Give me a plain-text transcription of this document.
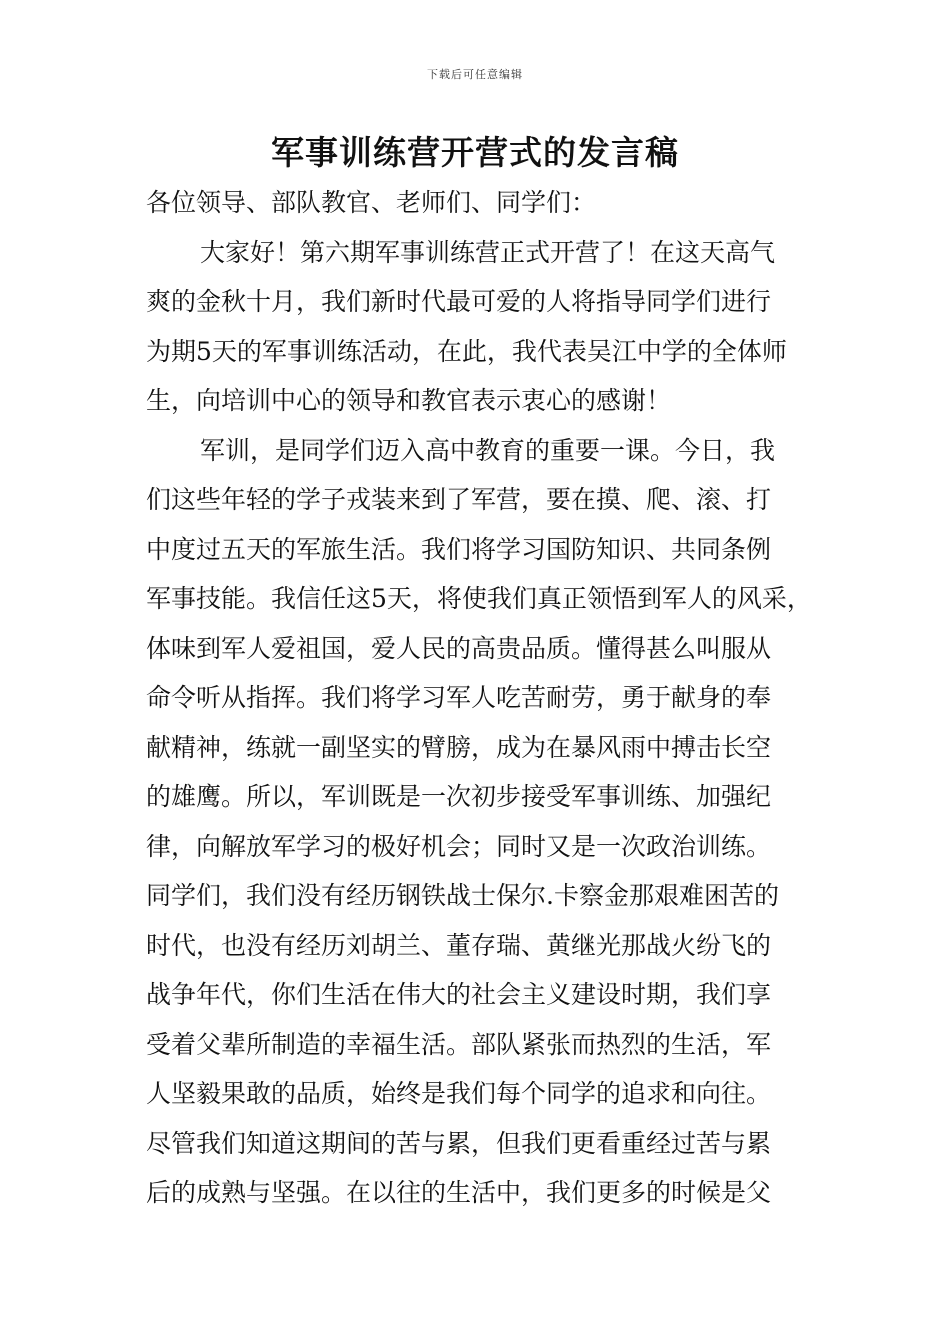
下载后可任意编辑
军事训练营开营式的发言稿

各位领导、部队教官、老师们、同学们：

大家好！第六期军事训练营正式开营了！在这天高气

爽的金秋十月，我们新时代最可爱的人将指导同学们进行

为期5天的军事训练活动，在此，我代表吴江中学的全体师

生，向培训中心的领导和教官表示衷心的感谢！

军训，是同学们迈入高中教育的重要一课。今日，我

们这些年轻的学子戎装来到了军营，要在摸、爬、滚、打

中度过五天的军旅生活。我们将学习国防知识、共同条例

军事技能。我信任这5天，将使我们真正领悟到军人的风采，

体味到军人爱祖国，爱人民的高贵品质。懂得甚么叫服从

命令听从指挥。我们将学习军人吃苦耐劳，勇于献身的奉

献精神，练就一副坚实的臂膀，成为在暴风雨中搏击长空

的雄鹰。所以，军训既是一次初步接受军事训练、加强纪

律，向解放军学习的极好机会；同时又是一次政治训练。

同学们，我们没有经历钢铁战士保尔.卡察金那艰难困苦的

时代，也没有经历刘胡兰、董存瑞、黄继光那战火纷飞的

战争年代，你们生活在伟大的社会主义建设时期，我们享

受着父辈所制造的幸福生活。部队紧张而热烈的生活，军

人坚毅果敢的品质，始终是我们每个同学的追求和向往。

尽管我们知道这期间的苦与累，但我们更看重经过苦与累

后的成熟与坚强。在以往的生活中，我们更多的时候是父
